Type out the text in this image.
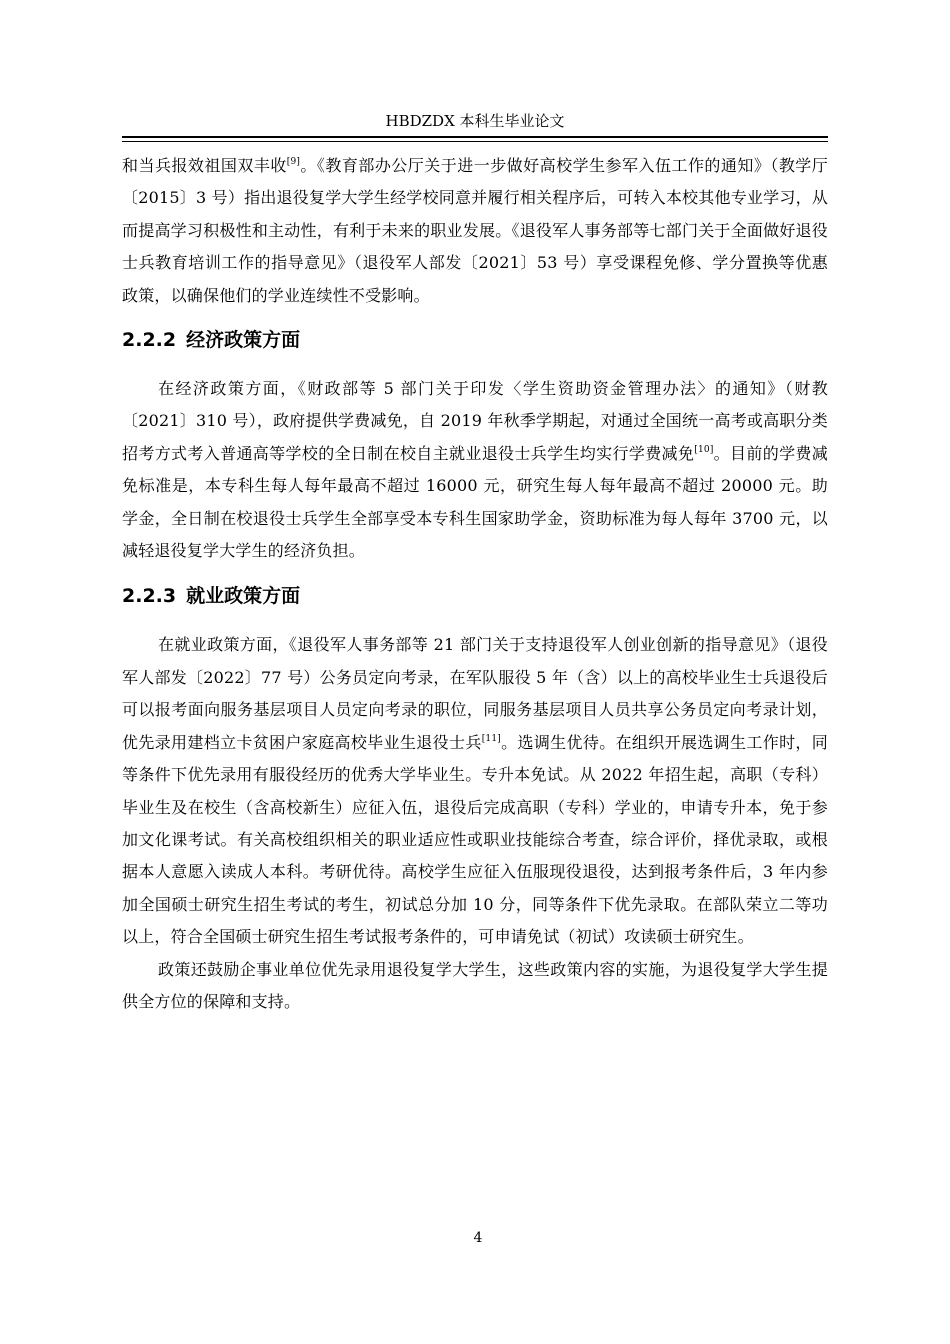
HBDZDX 本科生毕业论文

和当兵报效祖国双丰收[9]。《教育部办公厅关于进一步做好高校学生参军入伍工作的通知》（教学厅〔2015〕3 号）指出退役复学大学生经学校同意并履行相关程序后，可转入本校其他专业学习，从而提高学习积极性和主动性，有利于未来的职业发展。《退役军人事务部等七部门关于全面做好退役士兵教育培训工作的指导意见》（退役军人部发〔2021〕53 号）享受课程免修、学分置换等优惠政策，以确保他们的学业连续性不受影响。

2.2.2 经济政策方面

在经济政策方面，《财政部等 5 部门关于印发〈学生资助资金管理办法〉的通知》（财教〔2021〕310 号），政府提供学费减免，自 2019 年秋季学期起，对通过全国统一高考或高职分类招考方式考入普通高等学校的全日制在校自主就业退役士兵学生均实行学费减免[10]。目前的学费减免标准是，本专科生每人每年最高不超过 16000 元，研究生每人每年最高不超过 20000 元。助学金，全日制在校退役士兵学生全部享受本专科生国家助学金，资助标准为每人每年 3700 元，以减轻退役复学大学生的经济负担。

2.2.3 就业政策方面

在就业政策方面，《退役军人事务部等 21 部门关于支持退役军人创业创新的指导意见》（退役军人部发〔2022〕77 号）公务员定向考录，在军队服役 5 年（含）以上的高校毕业生士兵退役后可以报考面向服务基层项目人员定向考录的职位，同服务基层项目人员共享公务员定向考录计划，优先录用建档立卡贫困户家庭高校毕业生退役士兵[11]。选调生优待。在组织开展选调生工作时，同等条件下优先录用有服役经历的优秀大学毕业生。专升本免试。从 2022 年招生起，高职（专科）毕业生及在校生（含高校新生）应征入伍，退役后完成高职（专科）学业的，申请专升本，免于参加文化课考试。有关高校组织相关的职业适应性或职业技能综合考查，综合评价，择优录取，或根据本人意愿入读成人本科。考研优待。高校学生应征入伍服现役退役，达到报考条件后，3 年内参加全国硕士研究生招生考试的考生，初试总分加 10 分，同等条件下优先录取。在部队荣立二等功以上，符合全国硕士研究生招生考试报考条件的，可申请免试（初试）攻读硕士研究生。

政策还鼓励企事业单位优先录用退役复学大学生，这些政策内容的实施，为退役复学大学生提供全方位的保障和支持。

4
